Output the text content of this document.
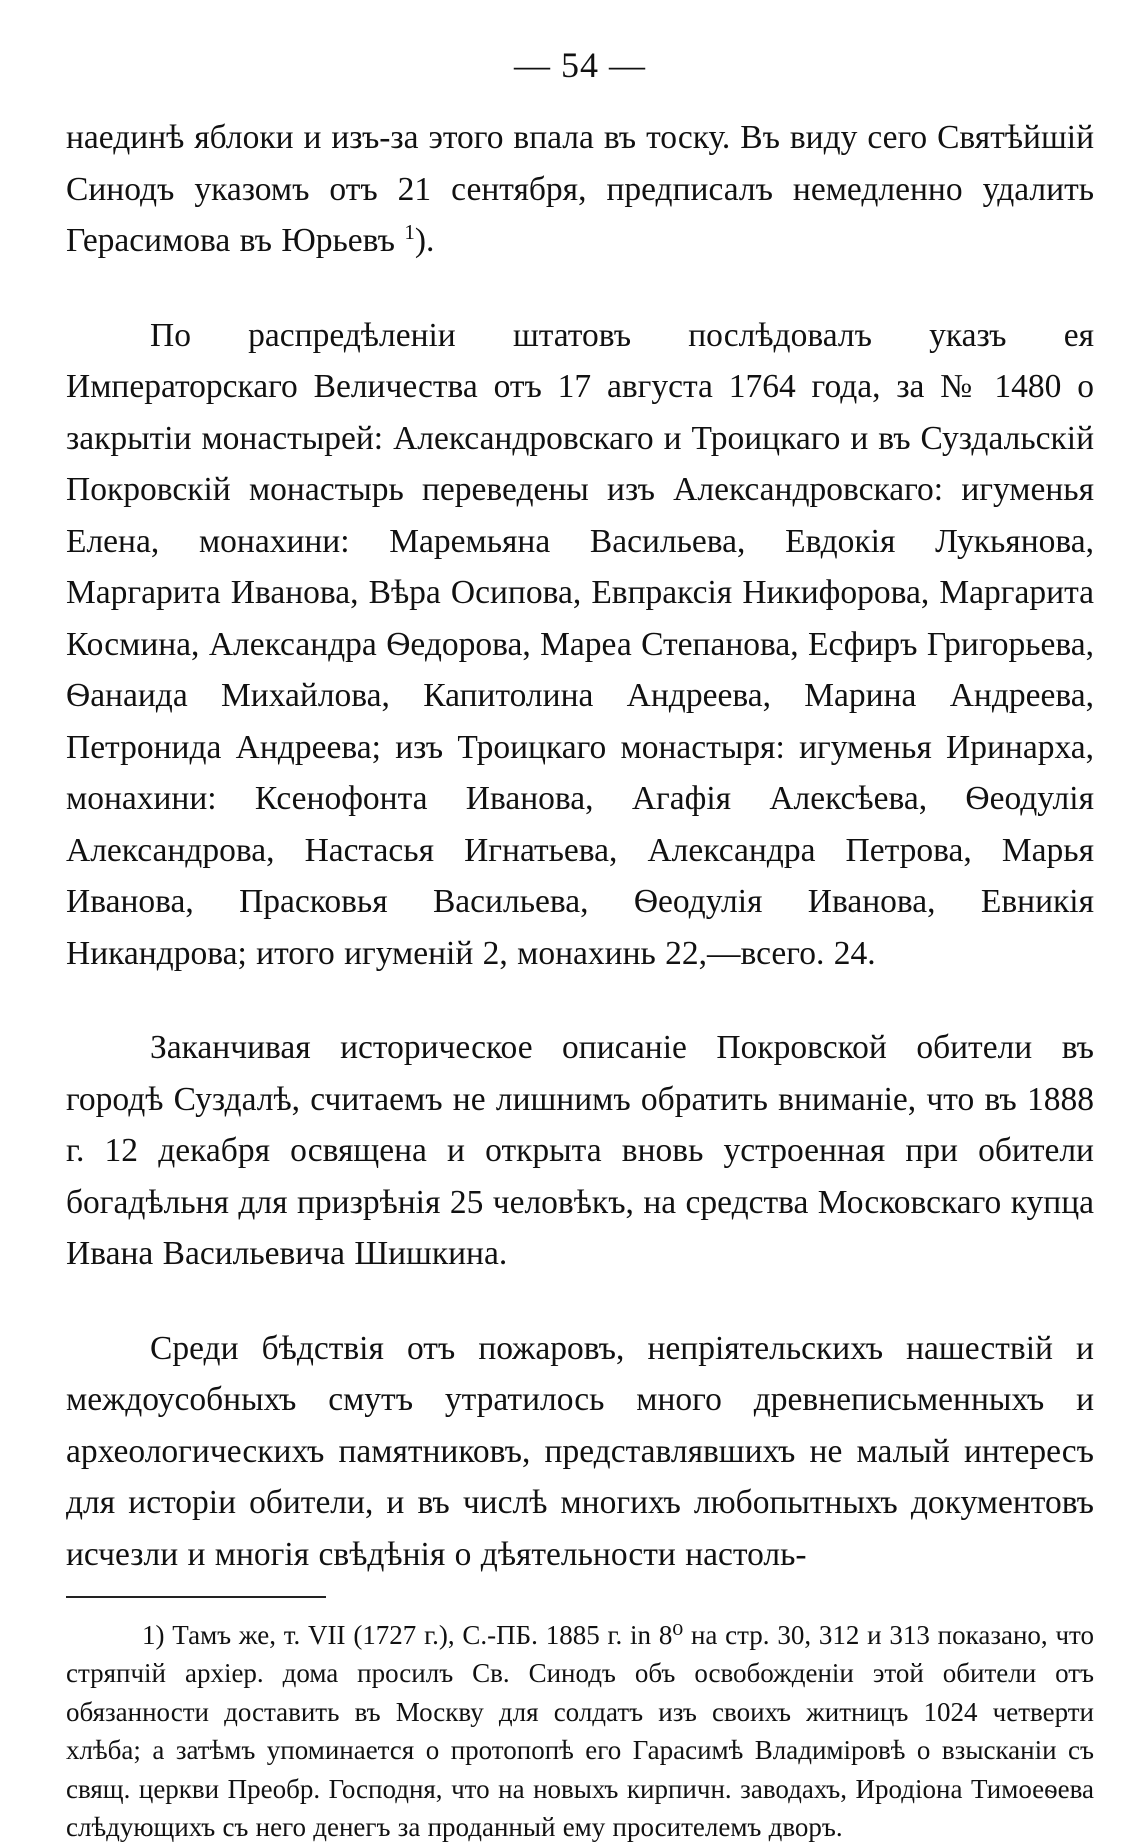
— 54 —

наединѣ яблоки и изъ-за этого впала въ тоску. Въ виду сего Святѣйшій Синодъ указомъ отъ 21 сентября, предписалъ немедленно удалить Герасимова въ Юрьевъ $^1$).

По распредѣленіи штатовъ послѣдовалъ указъ ея Императорскаго Величества отъ 17 августа 1764 года, за № 1480 о закрытіи монастырей: Александровскаго и Троицкаго и въ Суздальскій Покровскій монастырь переведены изъ Александровскаго: игуменья Елена, монахини: Маремьяна Васильева, Евдокія Лукьянова, Маргарита Иванова, Вѣра Осипова, Евпраксія Никифорова, Маргарита Космина, Александра Ѳедорова, Мареа Степанова, Есфиръ Григорьева, Ѳанаида Михайлова, Капитолина Андреева, Марина Андреева, Петронида Андреева; изъ Троицкаго монастыря: игуменья Иринарха, монахини: Ксенофонта Иванова, Агафія Алексѣева, Ѳеодулія Александрова, Настасья Игнатьева, Александра Петрова, Марья Иванова, Прасковья Васильева, Ѳеодулія Иванова, Евникія Никандрова; итого игуменій 2, монахинь 22,—всего. 24.

Заканчивая историческое описаніе Покровской обители въ городѣ Суздалѣ, считаемъ не лишнимъ обратить вниманіе, что въ 1888 г. 12 декабря освящена и открыта вновь устроенная при обители богадѣльня для призрѣнія 25 человѣкъ, на средства Московскаго купца Ивана Васильевича Шишкина.

Среди бѣдствія отъ пожаровъ, непріятельскихъ нашествій и междоусобныхъ смутъ утратилось много древнеписьменныхъ и археологическихъ памятниковъ, представлявшихъ не малый интересъ для исторіи обители, и въ числѣ многихъ любопытныхъ документовъ исчезли и многія свѣдѣнія о дѣятельности настоль-

1) Тамъ же, т. VII (1727 г.), С.-ПБ. 1885 г. in 8⁰ на стр. 30, 312 и 313 показано, что стряпчій архіер. дома просилъ Св. Синодъ объ освобожденіи этой обители отъ обязанности доставить въ Москву для солдатъ изъ своихъ житницъ 1024 четверти хлѣба; а затѣмъ упоминается о протопопѣ его Гарасимѣ Владиміровѣ о взысканіи съ свящ. церкви Преобр. Господня, что на новыхъ кирпичн. заводахъ, Иродіона Тимоеѳева слѣдующихъ съ него денегъ за проданный ему просителемъ дворъ.
